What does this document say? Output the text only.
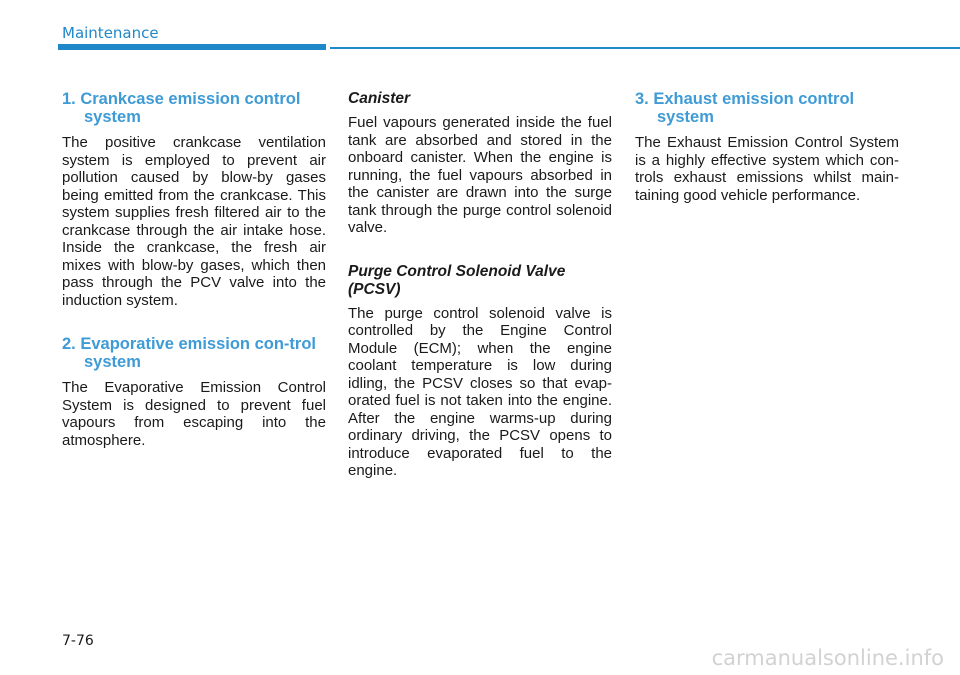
Maintenance
1. Crankcase emission control system

The positive crankcase ventilation system is employed to prevent air pollution caused by blow-by gases being emitted from the crankcase. This system supplies fresh filtered air to the crankcase through the air intake hose. Inside the crankcase, the fresh air mixes with blow-by gases, which then pass through the PCV valve into the induction system.

2. Evaporative emission con-trol system

The Evaporative Emission Control System is designed to prevent fuel vapours from escaping into the atmosphere.

Canister

Fuel vapours generated inside the fuel tank are absorbed and stored in the onboard canister. When the engine is running, the fuel vapours absorbed in the canister are drawn into the surge tank through the purge control solenoid valve.

Purge Control Solenoid Valve (PCSV)

The purge control solenoid valve is controlled by the Engine Control Module (ECM); when the engine coolant temperature is low during idling, the PCSV closes so that evap-orated fuel is not taken into the engine. After the engine warms-up during ordinary driving, the PCSV opens to introduce evaporated fuel to the engine.

3. Exhaust emission control system

The Exhaust Emission Control System is a highly effective system which con-trols exhaust emissions whilst main-taining good vehicle performance.

7-76
carmanualsonline.info
